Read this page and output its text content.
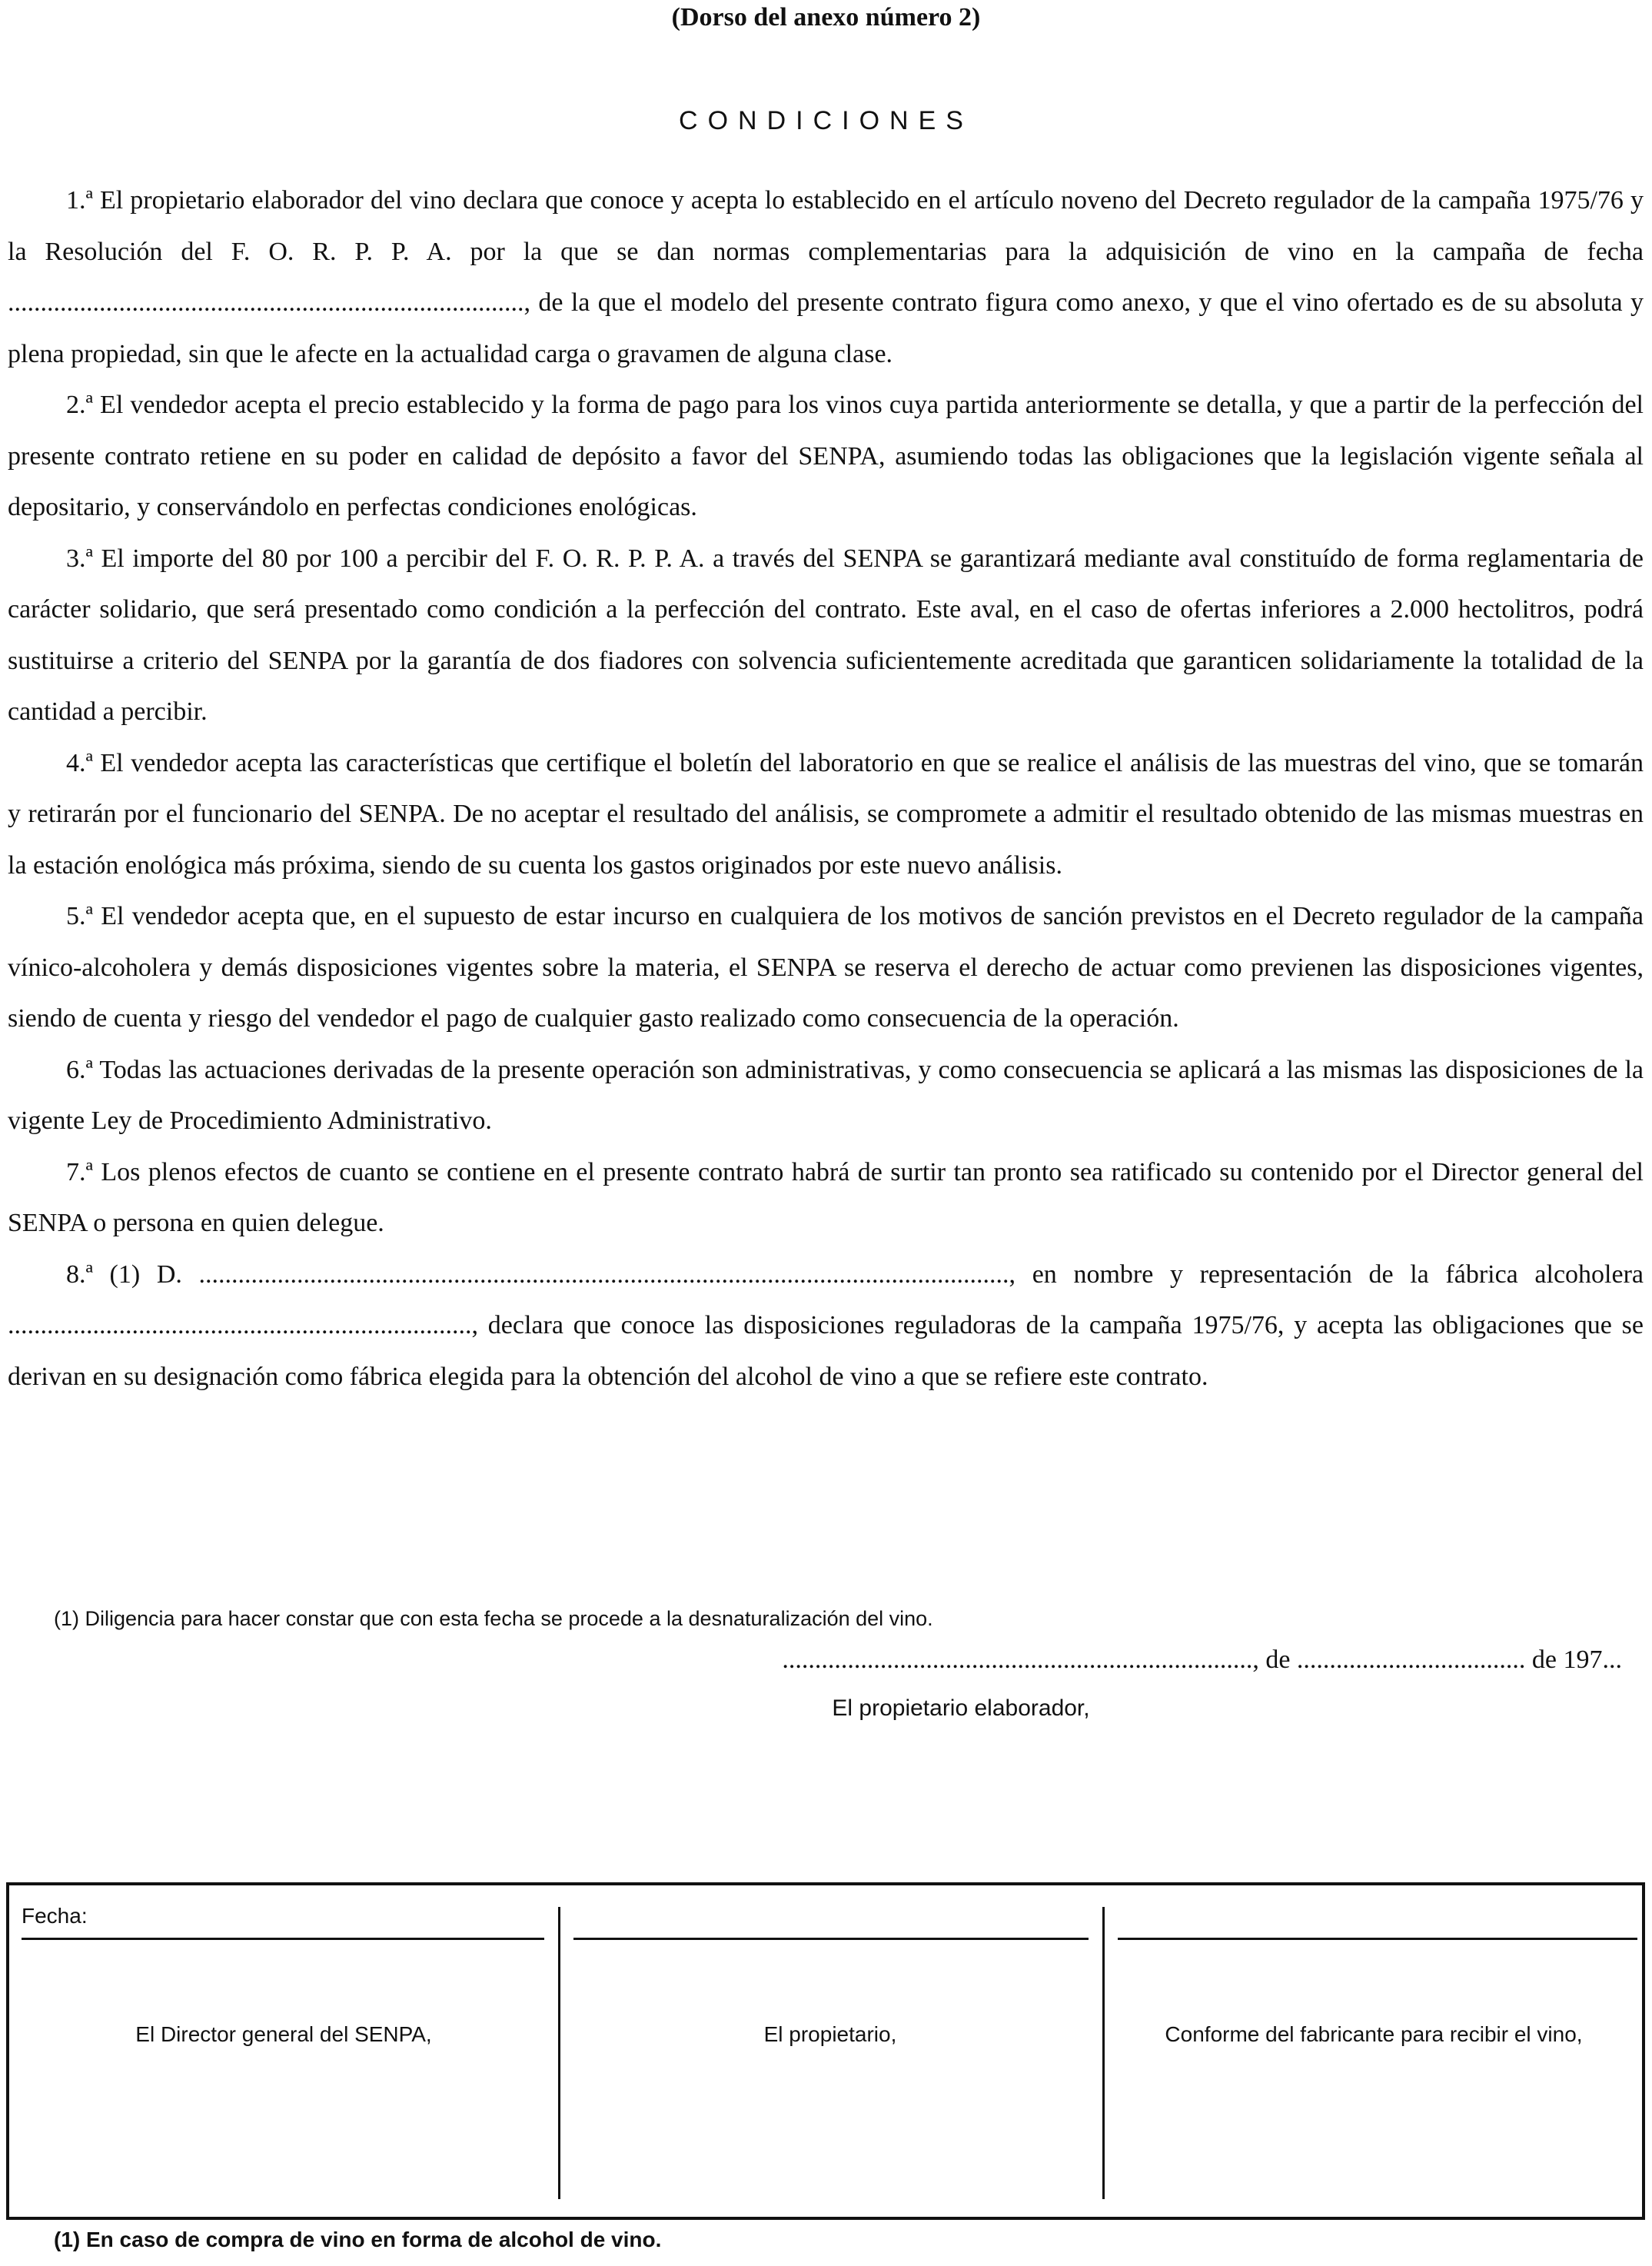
(Dorso del anexo número 2)
CONDICIONES

1.ª El propietario elaborador del vino declara que conoce y acepta lo establecido en el artículo noveno del Decreto regulador de la campaña 1975/76 y la Resolución del F. O. R. P. P. A. por la que se dan normas complementarias para la adquisición de vino en la campaña de fecha ..............................................................................., de la que el modelo del presente contrato figura como anexo, y que el vino ofertado es de su absoluta y plena propiedad, sin que le afecte en la actualidad carga o gravamen de alguna clase.

2.ª El vendedor acepta el precio establecido y la forma de pago para los vinos cuya partida anteriormente se detalla, y que a partir de la perfección del presente contrato retiene en su poder en calidad de depósito a favor del SENPA, asumiendo todas las obligaciones que la legislación vigente señala al depositario, y conservándolo en perfectas condiciones enológicas.

3.ª El importe del 80 por 100 a percibir del F. O. R. P. P. A. a través del SENPA se garantizará mediante aval constituído de forma reglamentaria de carácter solidario, que será presentado como condición a la perfección del contrato. Este aval, en el caso de ofertas inferiores a 2.000 hectolitros, podrá sustituirse a criterio del SENPA por la garantía de dos fiadores con solvencia suficientemente acreditada que garanticen solidariamente la totalidad de la cantidad a percibir.

4.ª El vendedor acepta las características que certifique el boletín del laboratorio en que se realice el análisis de las muestras del vino, que se tomarán y retirarán por el funcionario del SENPA. De no aceptar el resultado del análisis, se compromete a admitir el resultado obtenido de las mismas muestras en la estación enológica más próxima, siendo de su cuenta los gastos originados por este nuevo análisis.

5.ª El vendedor acepta que, en el supuesto de estar incurso en cualquiera de los motivos de sanción previstos en el Decreto regulador de la campaña vínico-alcoholera y demás disposiciones vigentes sobre la materia, el SENPA se reserva el derecho de actuar como previenen las disposiciones vigentes, siendo de cuenta y riesgo del vendedor el pago de cualquier gasto realizado como consecuencia de la operación.

6.ª Todas las actuaciones derivadas de la presente operación son administrativas, y como consecuencia se aplicará a las mismas las disposiciones de la vigente Ley de Procedimiento Administrativo.

7.ª Los plenos efectos de cuanto se contiene en el presente contrato habrá de surtir tan pronto sea ratificado su contenido por el Director general del SENPA o persona en quien delegue.

8.ª (1) D. ............................................................................................................................, en nombre y representación de la fábrica alcoholera ......................................................................., declara que conoce las disposiciones reguladoras de la campaña 1975/76, y acepta las obligaciones que se derivan en su designación como fábrica elegida para la obtención del alcohol de vino a que se refiere este contrato.

(1) Diligencia para hacer constar que con esta fecha se procede a la desnaturalización del vino.
........................................................................, de ................................... de 197...
El propietario elaborador,
Fecha:
El Director general del SENPA,	El propietario,	Conforme del fabricante para recibir el vino,
(1) En caso de compra de vino en forma de alcohol de vino.
